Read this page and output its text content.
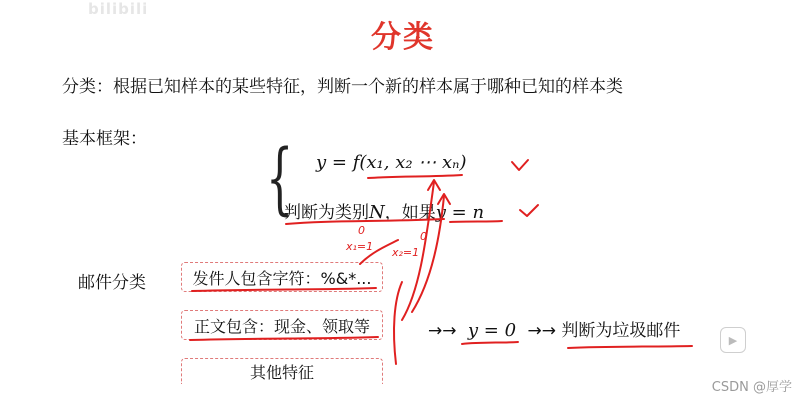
bilibili
分类
分类：根据已知样本的某些特征，判断一个新的样本属于哪种已知的样本类
基本框架： { y = f(x₁, x₂ ⋯ xₙ)
判断为类别N，如果y = n
邮件分类	发件人包含字符：%&*...
正文包含：现金、领取等
其他特征
→→ y = 0 →→ 判断为垃圾邮件	▶
CSDN @厚学
x₁=1 x₂=1
0	0
